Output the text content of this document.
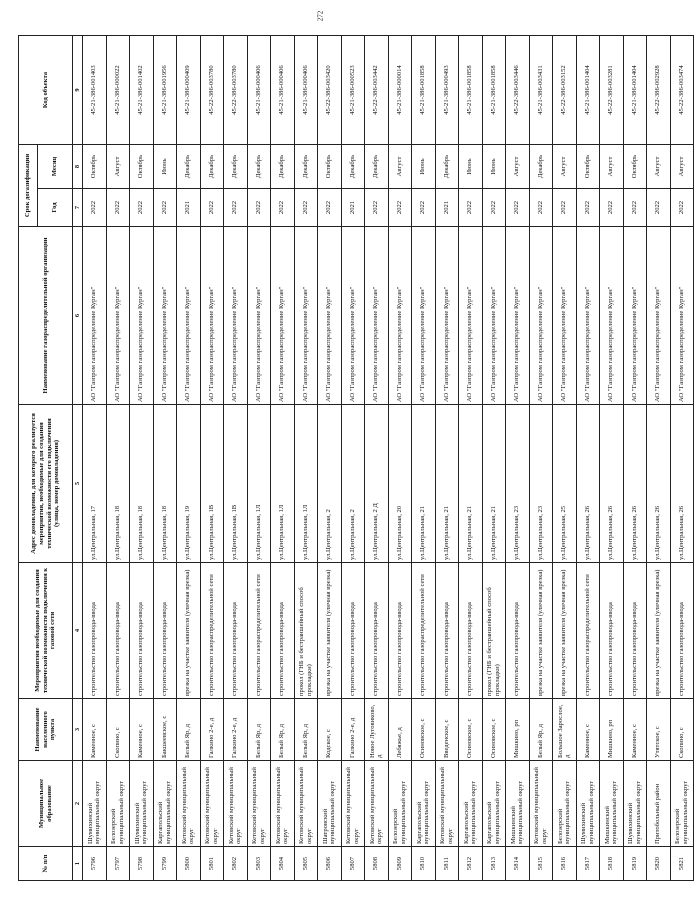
272
№ п/п	Муниципальное образование	Наименование населенного пункта	Мероприятия необходимые для создания технической возможности подключения к газовой сети	Адрес домовладения, для которого реализуется мероприятия, необходимые для создания технической возможности его подключения (улица, номер домовладения)	Наименование газораспределительной организации	Срок догазификации		Код объекта
						Год	Месяц	
1	2	3	4	5	6	7	8	9
5796	Шумихинский муниципальный округ	Каменное, с	строительство газопровода-ввода	ул.Центральная, 17	АО "Газпром газораспределение Курган"	2022	Октябрь	45-21-386-001403
5797	Белозерский муниципальный округ	Скопино, с	строительство газопровода-ввода	ул.Центральная, 18	АО "Газпром газораспределение Курган"	2022	Август	45-21-386-000022
5798	Шумихинский муниципальный округ	Каменное, с	строительство газопровода-ввода	ул.Центральная, 18	АО "Газпром газораспределение Курган"	2022	Октябрь	45-21-386-001402
5799	Каргапольский муниципальный округ	Бакшеевское, с	строительство газопровода-ввода	ул.Центральная, 18	АО "Газпром газораспределение Курган"	2022	Июнь	45-21-386-001956
5800	Кетовский муниципальный округ	Белый Яр, д	врезка на участке заявителя (уличная врезка)	ул.Центральная, 19	АО "Газпром газораспределение Курган"	2021	Декабрь	45-21-386-000409
5801	Кетовский муниципальный округ	Галкино 2-е, д	строительство газораспределительной сети	ул.Центральная, 1В	АО "Газпром газораспределение Курган"	2022	Декабрь	45-22-386-003780
5802	Кетовский муниципальный округ	Галкино 2-е, д	строительство газопровода-ввода	ул.Центральная, 1В	АО "Газпром газораспределение Курган"	2022	Декабрь	45-22-386-003780
5803	Кетовский муниципальный округ	Белый Яр, д	строительство газораспределительной сети	ул.Центральная, 1Л	АО "Газпром газораспределение Курган"	2022	Декабрь	45-21-386-000406
5804	Кетовский муниципальный округ	Белый Яр, д	строительство газопровода-ввода	ул.Центральная, 1Л	АО "Газпром газораспределение Курган"	2022	Декабрь	45-21-386-000406
5805	Кетовский муниципальный округ	Белый Яр, д	прокол (ГНБ и бестраншейный способ прокладки)	ул.Центральная, 1Л	АО "Газпром газораспределение Курган"	2022	Декабрь	45-21-386-000406
5806	Шатровский муниципальный округ	Кодское, с	врезка на участке заявителя (уличная врезка)	ул.Центральная, 2	АО "Газпром газораспределение Курган"	2022	Октябрь	45-22-386-003420
5807	Кетовский муниципальный округ	Галкино 2-е, д	строительство газопровода-ввода	ул.Центральная, 2	АО "Газпром газораспределение Курган"	2021	Декабрь	45-21-386-000523
5808	Кетовский муниципальный округ	Новое Луговиково, д	строительство газопровода-ввода	ул.Центральная, 2 Д	АО "Газпром газораспределение Курган"	2022	Декабрь	45-22-386-003442
5809	Белозерский муниципальный округ	Лебяжье, д	строительство газопровода-ввода	ул.Центральная, 20	АО "Газпром газораспределение Курган"	2022	Август	45-21-386-000014
5810	Каргапольский муниципальный округ	Осиновское, с	строительство газораспределительной сети	ул.Центральная, 21	АО "Газпром газораспределение Курган"	2022	Июнь	45-21-386-001858
5811	Кетовский муниципальный округ	Введенское, с	строительство газопровода-ввода	ул.Центральная, 21	АО "Газпром газораспределение Курган"	2021	Декабрь	45-21-386-000493
5812	Каргапольский муниципальный округ	Осиновское, с	строительство газопровода-ввода	ул.Центральная, 21	АО "Газпром газораспределение Курган"	2022	Июнь	45-21-386-001858
5813	Каргапольский муниципальный округ	Осиновское, с	прокол (ГНБ и бестраншейный способ прокладки)	ул.Центральная, 21	АО "Газпром газораспределение Курган"	2022	Июнь	45-21-386-001858
5814	Мишкинский муниципальный округ	Мишкино, рп	строительство газопровода-ввода	ул.Центральная, 23	АО "Газпром газораспределение Курган"	2022	Август	45-22-386-003446
5815	Кетовский муниципальный округ	Белый Яр, д	врезка на участке заявителя (уличная врезка)	ул.Центральная, 23	АО "Газпром газораспределение Курган"	2022	Декабрь	45-21-386-003431
5816	Белозерский муниципальный округ	Большое Зарослое, д	врезка на участке заявителя (уличная врезка)	ул.Центральная, 25	АО "Газпром газораспределение Курган"	2022	Август	45-22-386-003152
5817	Шумихинский муниципальный округ	Каменное, с	строительство газораспределительной сети	ул.Центральная, 26	АО "Газпром газораспределение Курган"	2022	Октябрь	45-21-386-001404
5818	Мишкинский муниципальный округ	Мишкино, рп	строительство газопровода-ввода	ул.Центральная, 26	АО "Газпром газораспределение Курган"	2022	Август	45-22-386-003281
5819	Шумихинский муниципальный округ	Каменное, с	строительство газопровода-ввода	ул.Центральная, 26	АО "Газпром газораспределение Курган"	2022	Октябрь	45-21-386-001404
5820	Притобольный район	Утятское, с	врезка на участке заявителя (уличная врезка)	ул.Центральная, 26	АО "Газпром газораспределение Курган"	2022	Август	45-22-386-002928
5821	Белозерский муниципальный округ	Скопино, с	строительство газопровода-ввода	ул.Центральная, 26	АО "Газпром газораспределение Курган"	2022	Август	45-22-386-003474
